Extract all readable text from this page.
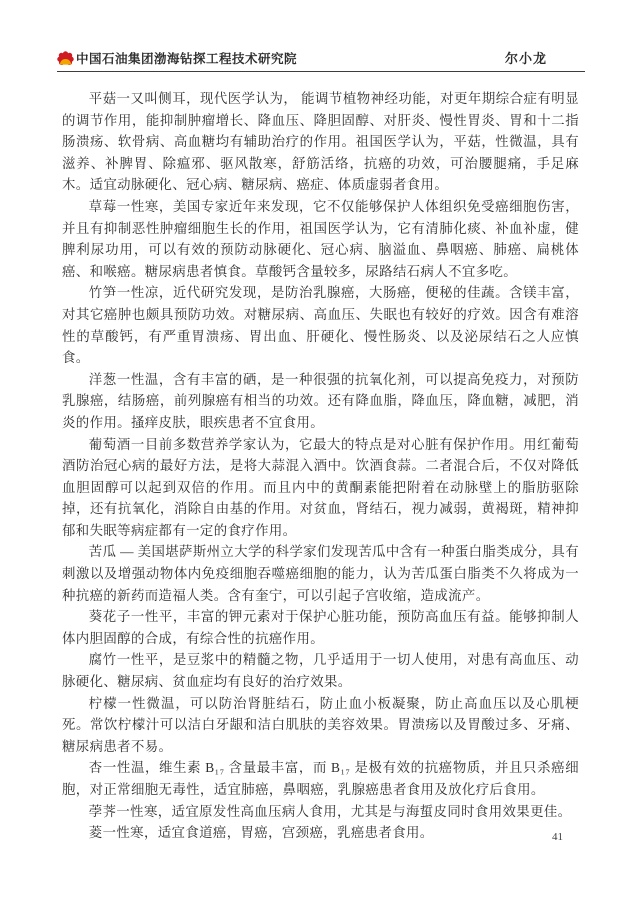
中国石油集团渤海钻探工程技术研究院	尔小龙

平菇一又叫侧耳，现代医学认为， 能调节植物神经功能，对更年期综合症有明显的调节作用，能抑制肿瘤增长、降血压、降胆固醇、对肝炎、慢性胃炎、胃和十二指肠溃疡、软骨病、高血糖均有辅助治疗的作用。祖国医学认为，平菇，性微温，具有滋养、补脾胃、除瘟邪、驱风散寒，舒筋活络，抗癌的功效，可治腰腿痛，手足麻木。适宜动脉硬化、冠心病、糖尿病、癌症、体质虚弱者食用。

草莓一性寒，美国专家近年来发现，它不仅能够保护人体组织免受癌细胞伤害，并且有抑制恶性肿瘤细胞生长的作用，祖国医学认为，它有清肺化痰、补血补虚，健脾利尿功用，可以有效的预防动脉硬化、冠心病、脑溢血、鼻咽癌、肺癌、扁桃体癌、和喉癌。糖尿病患者慎食。草酸钙含量较多，尿路结石病人不宜多吃。

竹笋一性凉，近代研究发现，是防治乳腺癌，大肠癌，便秘的佳蔬。含镁丰富，对其它癌肿也颇具预防功效。对糖尿病、高血压、失眠也有较好的疗效。因含有难溶性的草酸钙，有严重胃溃疡、胃出血、肝硬化、慢性肠炎、以及泌尿结石之人应慎食。

洋葱一性温，含有丰富的硒，是一种很强的抗氧化剂，可以提高免疫力，对预防乳腺癌，结肠癌，前列腺癌有相当的功效。还有降血脂，降血压，降血糖，减肥，消炎的作用。搔痒皮肤，眼疾患者不宜食用。

葡萄酒一目前多数营养学家认为，它最大的特点是对心脏有保护作用。用红葡萄酒防治冠心病的最好方法，是将大蒜混入酒中。饮酒食蒜。二者混合后，不仅对降低血胆固醇可以起到双倍的作用。而且内中的黄酮素能把附着在动脉壁上的脂肪驱除掉，还有抗氧化，消除自由基的作用。对贫血，肾结石，视力减弱，黄褐斑，精神抑郁和失眠等病症都有一定的食疗作用。

苦瓜 — 美国堪萨斯州立大学的科学家们发现苦瓜中含有一种蛋白脂类成分，具有刺激以及增强动物体内免疫细胞吞噬癌细胞的能力，认为苦瓜蛋白脂类不久将成为一种抗癌的新药而造福人类。含有奎宁，可以引起子宫收缩，造成流产。

葵花子一性平，丰富的钾元素对于保护心脏功能，预防高血压有益。能够抑制人体内胆固醇的合成，有综合性的抗癌作用。

腐竹一性平，是豆浆中的精髓之物，几乎适用于一切人使用，对患有高血压、动脉硬化、糖尿病、贫血症均有良好的治疗效果。

柠檬一性微温，可以防治肾脏结石，防止血小板凝聚，防止高血压以及心肌梗死。常饮柠檬汁可以洁白牙龈和洁白肌肤的美容效果。胃溃疡以及胃酸过多、牙痛、糖尿病患者不易。

杏一性温，维生素 B₁₇ 含量最丰富，而 B₁₇ 是极有效的抗癌物质，并且只杀癌细胞，对正常细胞无毒性，适宜肺癌，鼻咽癌，乳腺癌患者食用及放化疗后食用。

荸荠一性寒，适宜原发性高血压病人食用，尤其是与海蜇皮同时食用效果更佳。

菱一性寒，适宜食道癌，胃癌，宫颈癌，乳癌患者食用。	41
